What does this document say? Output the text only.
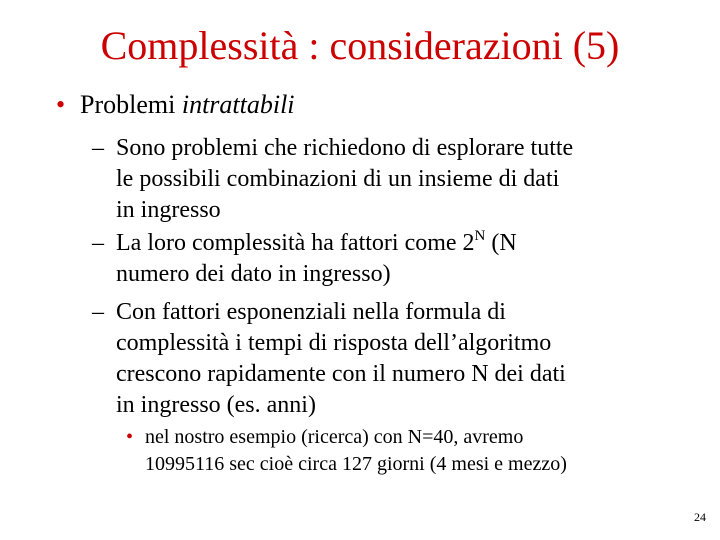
Complessità : considerazioni (5)
• Problemi intrattabili
– Sono problemi che richiedono di esplorare tutte
le possibili combinazioni di un insieme di dati
in ingresso
– La loro complessità ha fattori come $2^N$ (N
numero dei dato in ingresso)
– Con fattori esponenziali nella formula di
complessità i tempi di risposta dell’algoritmo
crescono rapidamente con il numero N dei dati
in ingresso (es. anni)
• nel nostro esempio (ricerca) con N=40, avremo
10995116 sec cioè circa 127 giorni (4 mesi e mezzo)
24
